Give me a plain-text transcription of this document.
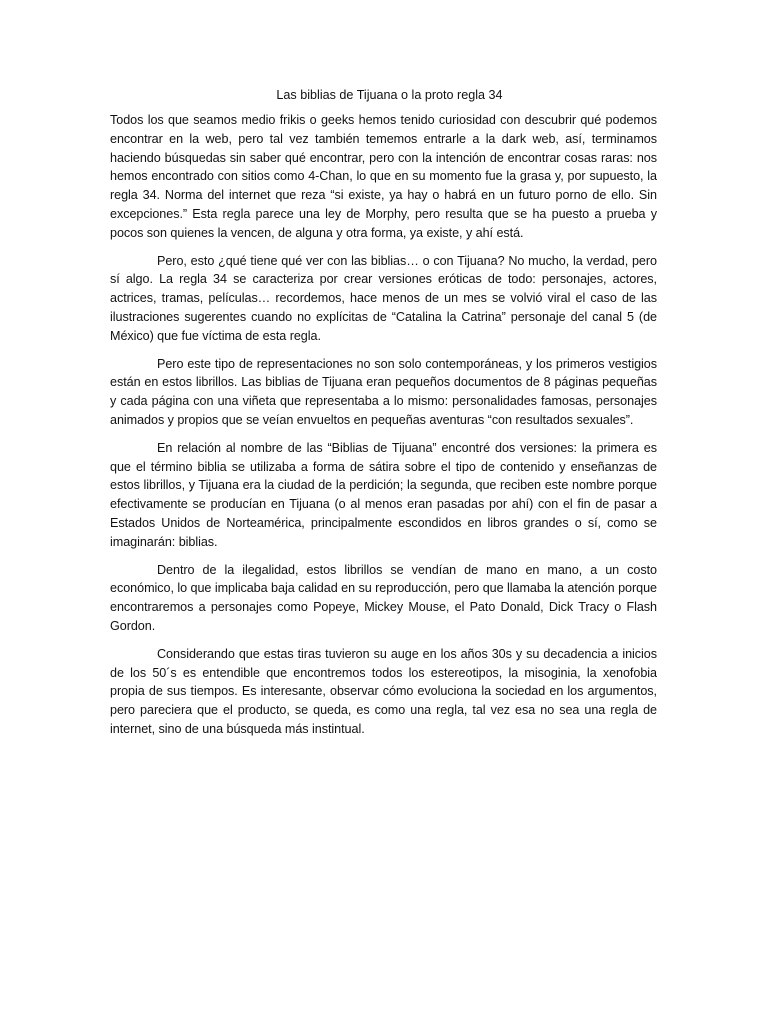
Las biblias de Tijuana o la proto regla 34

Todos los que seamos medio frikis o geeks hemos tenido curiosidad con descubrir qué podemos encontrar en la web, pero tal vez también tememos entrarle a la dark web, así, terminamos haciendo búsquedas sin saber qué encontrar, pero con la intención de encontrar cosas raras: nos hemos encontrado con sitios como 4-Chan, lo que en su momento fue la grasa y, por supuesto, la regla 34. Norma del internet que reza “si existe, ya hay o habrá en un futuro porno de ello. Sin excepciones.” Esta regla parece una ley de Morphy, pero resulta que se ha puesto a prueba y pocos son quienes la vencen, de alguna y otra forma, ya existe, y ahí está.

Pero, esto ¿qué tiene qué ver con las biblias… o con Tijuana? No mucho, la verdad, pero sí algo. La regla 34 se caracteriza por crear versiones eróticas de todo: personajes, actores, actrices, tramas, películas… recordemos, hace menos de un mes se volvió viral el caso de las ilustraciones sugerentes cuando no explícitas de “Catalina la Catrina” personaje del canal 5 (de México) que fue víctima de esta regla.

Pero este tipo de representaciones no son solo contemporáneas, y los primeros vestigios están en estos librillos. Las biblias de Tijuana eran pequeños documentos de 8 páginas pequeñas y cada página con una viñeta que representaba a lo mismo: personalidades famosas, personajes animados y propios que se veían envueltos en pequeñas aventuras “con resultados sexuales”.

En relación al nombre de las “Biblias de Tijuana” encontré dos versiones: la primera es que el término biblia se utilizaba a forma de sátira sobre el tipo de contenido y enseñanzas de estos librillos, y Tijuana era la ciudad de la perdición; la segunda, que reciben este nombre porque efectivamente se producían en Tijuana (o al menos eran pasadas por ahí) con el fin de pasar a Estados Unidos de Norteamérica, principalmente escondidos en libros grandes o sí, como se imaginarán: biblias.

Dentro de la ilegalidad, estos librillos se vendían de mano en mano, a un costo económico, lo que implicaba baja calidad en su reproducción, pero que llamaba la atención porque encontraremos a personajes como Popeye, Mickey Mouse, el Pato Donald, Dick Tracy o Flash Gordon.

Considerando que estas tiras tuvieron su auge en los años 30s y su decadencia a inicios de los 50´s es entendible que encontremos todos los estereotipos, la misoginia, la xenofobia propia de sus tiempos. Es interesante, observar cómo evoluciona la sociedad en los argumentos, pero pareciera que el producto, se queda, es como una regla, tal vez esa no sea una regla de internet, sino de una búsqueda más instintual.
